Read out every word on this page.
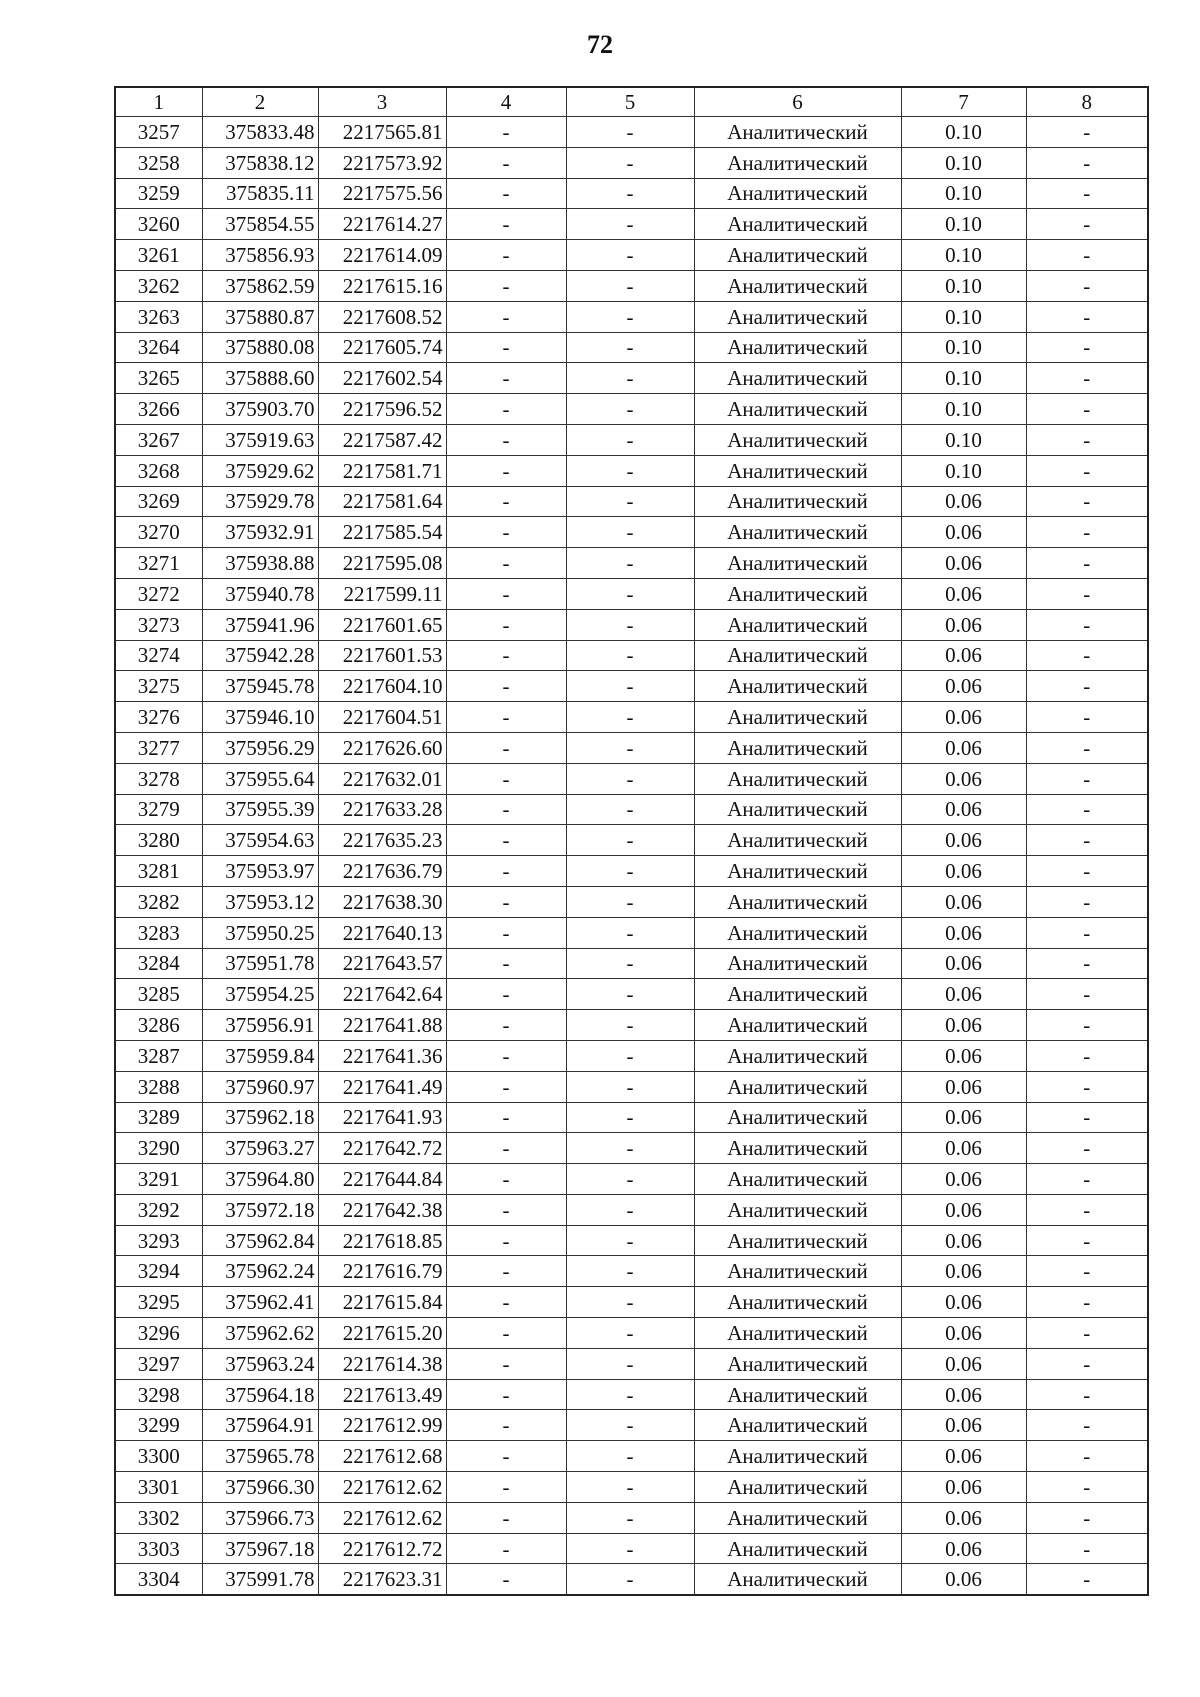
72
1	2	3	4	5	6	7	8
3257	375833.48	2217565.81	-	-	Аналитический	0.10	-
3258	375838.12	2217573.92	-	-	Аналитический	0.10	-
3259	375835.11	2217575.56	-	-	Аналитический	0.10	-
3260	375854.55	2217614.27	-	-	Аналитический	0.10	-
3261	375856.93	2217614.09	-	-	Аналитический	0.10	-
3262	375862.59	2217615.16	-	-	Аналитический	0.10	-
3263	375880.87	2217608.52	-	-	Аналитический	0.10	-
3264	375880.08	2217605.74	-	-	Аналитический	0.10	-
3265	375888.60	2217602.54	-	-	Аналитический	0.10	-
3266	375903.70	2217596.52	-	-	Аналитический	0.10	-
3267	375919.63	2217587.42	-	-	Аналитический	0.10	-
3268	375929.62	2217581.71	-	-	Аналитический	0.10	-
3269	375929.78	2217581.64	-	-	Аналитический	0.06	-
3270	375932.91	2217585.54	-	-	Аналитический	0.06	-
3271	375938.88	2217595.08	-	-	Аналитический	0.06	-
3272	375940.78	2217599.11	-	-	Аналитический	0.06	-
3273	375941.96	2217601.65	-	-	Аналитический	0.06	-
3274	375942.28	2217601.53	-	-	Аналитический	0.06	-
3275	375945.78	2217604.10	-	-	Аналитический	0.06	-
3276	375946.10	2217604.51	-	-	Аналитический	0.06	-
3277	375956.29	2217626.60	-	-	Аналитический	0.06	-
3278	375955.64	2217632.01	-	-	Аналитический	0.06	-
3279	375955.39	2217633.28	-	-	Аналитический	0.06	-
3280	375954.63	2217635.23	-	-	Аналитический	0.06	-
3281	375953.97	2217636.79	-	-	Аналитический	0.06	-
3282	375953.12	2217638.30	-	-	Аналитический	0.06	-
3283	375950.25	2217640.13	-	-	Аналитический	0.06	-
3284	375951.78	2217643.57	-	-	Аналитический	0.06	-
3285	375954.25	2217642.64	-	-	Аналитический	0.06	-
3286	375956.91	2217641.88	-	-	Аналитический	0.06	-
3287	375959.84	2217641.36	-	-	Аналитический	0.06	-
3288	375960.97	2217641.49	-	-	Аналитический	0.06	-
3289	375962.18	2217641.93	-	-	Аналитический	0.06	-
3290	375963.27	2217642.72	-	-	Аналитический	0.06	-
3291	375964.80	2217644.84	-	-	Аналитический	0.06	-
3292	375972.18	2217642.38	-	-	Аналитический	0.06	-
3293	375962.84	2217618.85	-	-	Аналитический	0.06	-
3294	375962.24	2217616.79	-	-	Аналитический	0.06	-
3295	375962.41	2217615.84	-	-	Аналитический	0.06	-
3296	375962.62	2217615.20	-	-	Аналитический	0.06	-
3297	375963.24	2217614.38	-	-	Аналитический	0.06	-
3298	375964.18	2217613.49	-	-	Аналитический	0.06	-
3299	375964.91	2217612.99	-	-	Аналитический	0.06	-
3300	375965.78	2217612.68	-	-	Аналитический	0.06	-
3301	375966.30	2217612.62	-	-	Аналитический	0.06	-
3302	375966.73	2217612.62	-	-	Аналитический	0.06	-
3303	375967.18	2217612.72	-	-	Аналитический	0.06	-
3304	375991.78	2217623.31	-	-	Аналитический	0.06	-
